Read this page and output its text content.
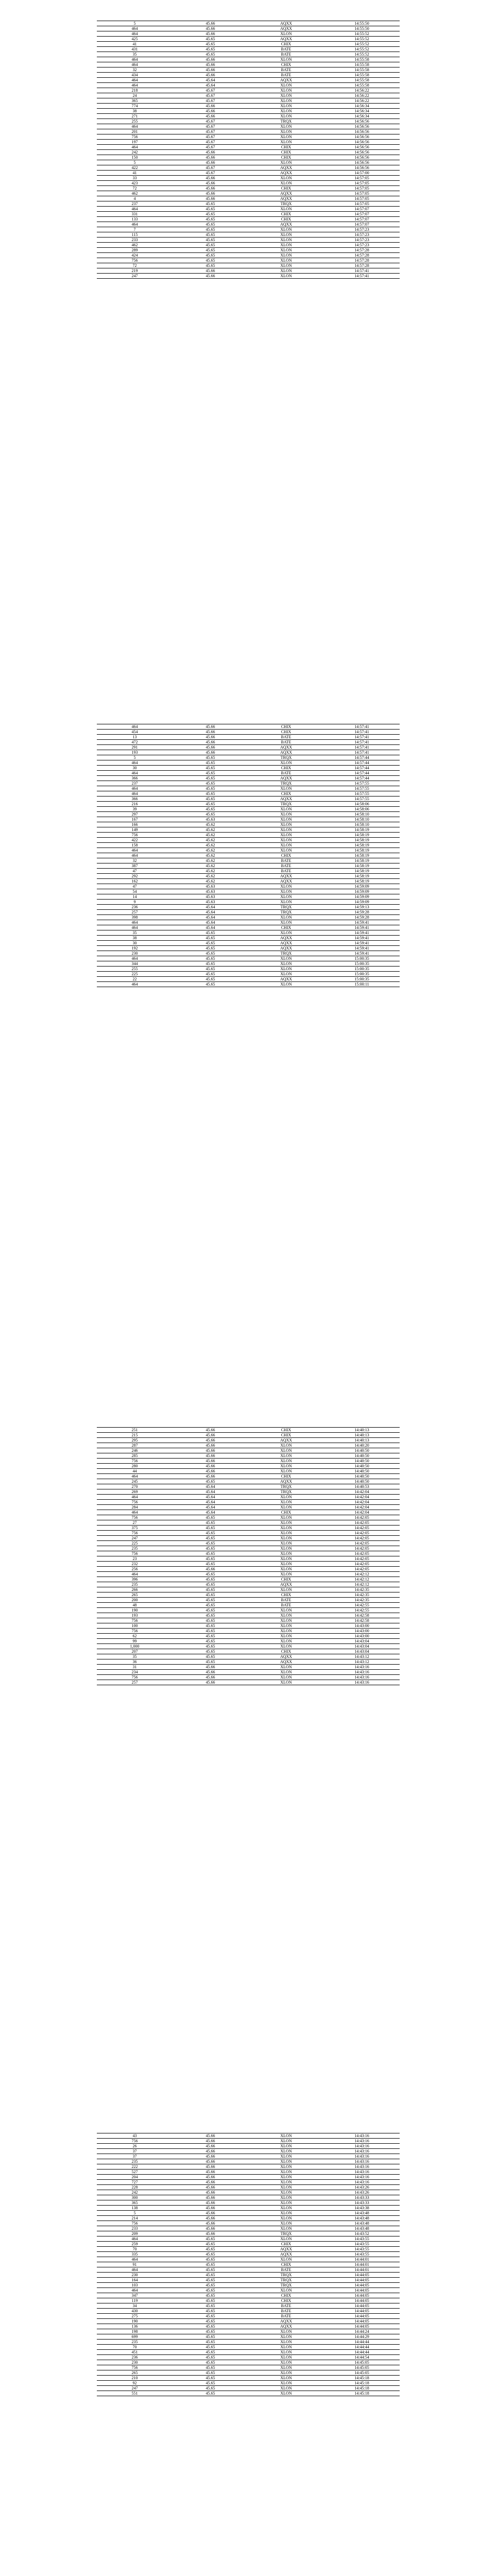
5	45.66	AQXX	14:55:50
464	45.66	AQXX	14:55:50
464	45.66	XLON	14:55:52
425	45.65	AQXX	14:55:52
41	45.65	CHIX	14:55:52
431	45.65	BATE	14:55:52
35	45.65	BATE	14:55:52
464	45.66	XLON	14:55:58
464	45.66	CHIX	14:55:58
32	45.66	BATE	14:55:58
434	45.66	BATE	14:55:58
464	45.64	AQXX	14:55:58
464	45.64	XLON	14:55:58
218	45.67	XLON	14:56:22
24	45.67	XLON	14:56:22
365	45.67	XLON	14:56:22
774	45.66	XLON	14:56:34
38	45.66	XLON	14:56:34
271	45.66	XLON	14:56:34
255	45.67	TRQX	14:56:56
464	45.67	XLON	14:56:56
201	45.67	XLON	14:56:56
756	45.67	XLON	14:56:56
197	45.67	XLON	14:56:56
464	45.67	CHIX	14:56:56
242	45.66	CHIX	14:56:56
150	45.66	CHIX	14:56:56
5	45.66	XLON	14:56:56
422	45.67	AQXX	14:56:56
41	45.67	AQXX	14:57:00
33	45.66	XLON	14:57:05
423	45.66	XLON	14:57:05
72	45.66	CHIX	14:57:05
462	45.66	AQXX	14:57:05
4	45.66	AQXX	14:57:05
237	45.65	TRQX	14:57:05
464	45.65	XLON	14:57:07
331	45.65	CHIX	14:57:07
133	45.65	CHIX	14:57:07
464	45.65	AQXX	14:57:07
7	45.65	XLON	14:57:23
115	45.65	XLON	14:57:23
233	45.65	XLON	14:57:23
462	45.65	XLON	14:57:23
289	45.65	XLON	14:57:28
424	45.65	XLON	14:57:28
756	45.65	XLON	14:57:28
72	45.65	XLON	14:57:28
219	45.66	XLON	14:57:41
247	45.66	XLON	14:57:41
464	45.66	CHIX	14:57:41
454	45.66	CHIX	14:57:41
13	45.66	BATE	14:57:41
472	45.66	BATE	14:57:41
291	45.66	AQXX	14:57:41
193	45.66	AQXX	14:57:41
5	45.65	TRQX	14:57:44
464	45.65	XLON	14:57:44
30	45.65	CHIX	14:57:44
464	45.65	BATE	14:57:44
366	45.65	AQXX	14:57:44
237	45.65	TRQX	14:57:55
464	45.65	XLON	14:57:55
464	45.65	CHIX	14:57:55
366	45.65	AQXX	14:57:55
216	45.65	TRQX	14:58:06
39	45.65	XLON	14:58:06
297	45.65	XLON	14:58:10
167	45.63	XLON	14:58:10
166	45.62	XLON	14:58:10
149	45.62	XLON	14:58:19
756	45.62	XLON	14:58:19
422	45.62	XLON	14:58:19
158	45.62	XLON	14:58:19
464	45.62	XLON	14:58:19
464	45.62	CHIX	14:58:19
32	45.62	BATE	14:58:19
387	45.62	BATE	14:58:19
47	45.62	BATE	14:58:19
292	45.62	AQXX	14:58:19
162	45.62	AQXX	14:58:19
47	45.63	XLON	14:59:09
54	45.63	XLON	14:59:09
14	45.63	XLON	14:59:09
9	45.63	XLON	14:59:09
236	45.64	TRQX	14:59:13
257	45.64	TRQX	14:59:28
398	45.64	XLON	14:59:28
464	45.64	XLON	14:59:41
464	45.64	CHIX	14:59:41
35	45.65	XLON	14:59:41
38	45.65	AQXX	14:59:41
30	45.65	AQXX	14:59:41
192	45.65	AQXX	14:59:41
230	45.65	TRQX	14:59:41
464	45.65	XLON	15:00:35
344	45.65	XLON	15:00:35
255	45.65	XLON	15:00:35
225	45.65	XLON	15:00:35
22	45.65	AQXX	15:00:35
464	45.65	XLON	15:00:11
251	45.66	CHIX	14:40:13
215	45.66	CHIX	14:40:13
295	45.66	AQXX	14:40:13
287	45.66	XLON	14:40:20
246	45.66	XLON	14:40:50
285	45.66	XLON	14:40:50
756	45.66	XLON	14:40:50
280	45.66	XLON	14:40:50
44	45.66	XLON	14:40:50
464	45.66	CHIX	14:40:50
245	45.65	AQXX	14:40:50
270	45.64	TRQX	14:40:53
269	45.64	TRQX	14:42:04
464	45.64	XLON	14:42:04
756	45.64	XLON	14:42:04
284	45.64	XLON	14:42:04
464	45.64	CHIX	14:42:04
756	45.65	XLON	14:42:05
27	45.65	XLON	14:42:05
375	45.65	XLON	14:42:05
756	45.65	XLON	14:42:05
247	45.65	XLON	14:42:05
225	45.65	XLON	14:42:05
235	45.65	XLON	14:42:05
756	45.65	XLON	14:42:05
23	45.65	XLON	14:42:05
232	45.65	XLON	14:42:05
256	45.66	XLON	14:42:05
464	45.65	XLON	14:42:12
396	45.65	CHIX	14:42:12
235	45.65	AQXX	14:42:12
266	45.65	XLON	14:42:35
265	45.65	CHIX	14:42:35
200	45.65	BATE	14:42:35
48	45.65	BATE	14:42:55
190	45.65	XLON	14:42:55
193	45.65	XLON	14:42:58
756	45.65	XLON	14:42:58
100	45.65	XLON	14:43:00
756	45.65	XLON	14:43:00
62	45.65	XLON	14:43:00
99	45.65	XLON	14:43:04
1,000	45.65	XLON	14:43:04
207	45.65	CHIX	14:43:04
35	45.65	AQXX	14:43:12
36	45.65	AQXX	14:43:12
31	45.66	XLON	14:43:16
234	45.66	XLON	14:43:16
756	45.66	XLON	14:43:16
257	45.66	XLON	14:43:16
43	45.66	XLON	14:43:16
756	45.66	XLON	14:43:16
26	45.66	XLON	14:43:16
37	45.66	XLON	14:43:16
37	45.66	XLON	14:43:16
235	45.66	XLON	14:43:16
222	45.66	XLON	14:43:16
527	45.66	XLON	14:43:16
204	45.66	XLON	14:43:16
727	45.66	XLON	14:43:16
228	45.66	XLON	14:43:26
242	45.66	XLON	14:43:26
300	45.66	XLON	14:43:33
365	45.66	XLON	14:43:33
138	45.66	XLON	14:43:38
5	45.66	XLON	14:43:48
214	45.66	XLON	14:43:48
756	45.66	XLON	14:43:48
233	45.66	XLON	14:43:48
209	45.66	TRQX	14:43:52
464	45.65	XLON	14:43:55
259	45.65	CHIX	14:43:55
70	45.65	AQXX	14:43:55
335	45.65	AQXX	14:43:55
464	45.65	XLON	14:44:01
91	45.65	CHIX	14:44:01
464	45.65	BATE	14:44:01
230	45.65	TRQX	14:44:05
164	45.65	TRQX	14:44:05
103	45.65	TRQX	14:44:05
464	45.65	XLON	14:44:05
347	45.65	CHIX	14:44:05
119	45.65	CHIX	14:44:05
34	45.65	BATE	14:44:05
430	45.65	BATE	14:44:05
275	45.65	BATE	14:44:05
190	45.65	AQXX	14:44:05
136	45.65	AQXX	14:44:05
198	45.65	XLON	14:44:24
699	45.65	XLON	14:44:29
235	45.65	XLON	14:44:44
70	45.65	XLON	14:44:44
451	45.65	XLON	14:44:44
236	45.65	XLON	14:44:54
230	45.65	XLON	14:45:05
756	45.65	XLON	14:45:05
265	45.65	XLON	14:45:05
210	45.65	XLON	14:45:18
92	45.65	XLON	14:45:18
247	45.65	XLON	14:45:18
551	45.65	XLON	14:45:18
